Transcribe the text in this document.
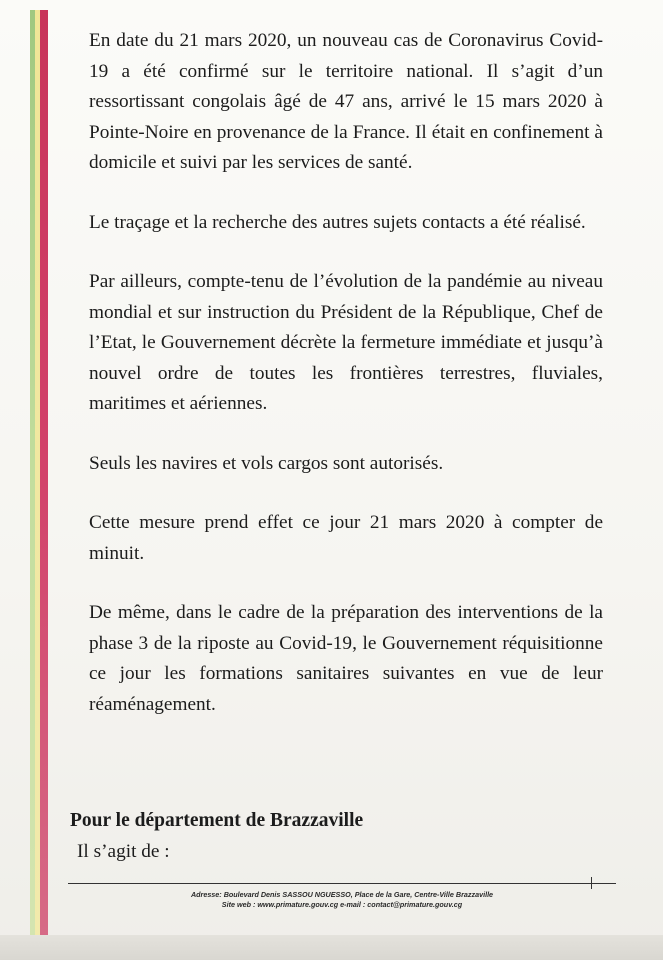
En date du 21 mars 2020, un nouveau cas de Coronavirus Covid-19 a été confirmé sur le territoire national. Il s’agit d’un ressortissant congolais âgé de 47 ans, arrivé le 15 mars 2020 à Pointe-Noire en provenance de la France. Il était en confinement à domicile et suivi par les services de santé.

Le traçage et la recherche des autres sujets contacts a été réalisé.

Par ailleurs, compte-tenu de l’évolution de la pandémie au niveau mondial et sur instruction du Président de la République, Chef de l’Etat, le Gouvernement décrète la fermeture immédiate et jusqu’à nouvel ordre de toutes les frontières terrestres, fluviales, maritimes et aériennes.

Seuls les navires et vols cargos sont autorisés.

Cette mesure prend effet ce jour 21 mars 2020 à compter de minuit.

De même, dans le cadre de la préparation des interventions de la phase 3 de la riposte au Covid-19, le Gouvernement réquisitionne ce jour les formations sanitaires suivantes en vue de leur réaménagement.

Pour le département de Brazzaville
Il s’agit de :
Adresse: Boulevard Denis SASSOU NGUESSO, Place de la Gare, Centre-Ville Brazzaville
Site web : www.primature.gouv.cg e-mail : contact@primature.gouv.cg
